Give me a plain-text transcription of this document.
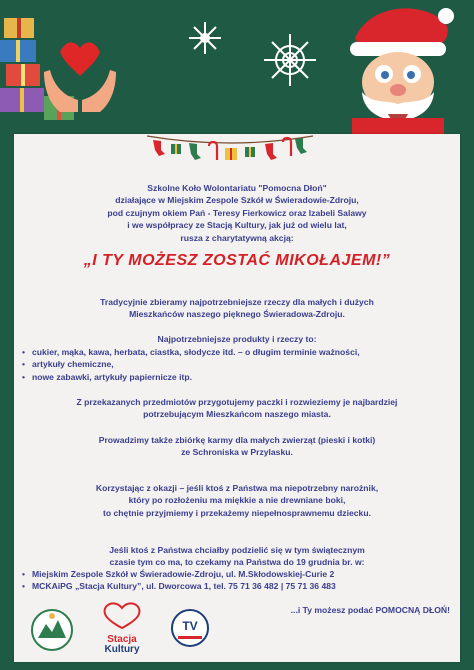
Szkolne Koło Wolontariatu "Pomocna Dłoń"
działające w Miejskim Zespole Szkół w Świeradowie-Zdroju,
pod czujnym okiem Pań - Teresy Fierkowicz oraz Izabeli Salawy
i we współpracy ze Stacją Kultury, jak już od wielu lat,
rusza z charytatywną akcją:
„I TY MOŻESZ ZOSTAĆ MIKOŁAJEM!”
Tradycyjnie zbieramy najpotrzebniejsze rzeczy dla małych i dużych
Mieszkańców naszego pięknego Świeradowa-Zdroju.
Najpotrzebniejsze produkty i rzeczy to:
• cukier, mąka, kawa, herbata, ciastka, słodycze itd. – o długim terminie ważności,
• artykuły chemiczne,
• nowe zabawki, artykuły papiernicze itp.
Z przekazanych przedmiotów przygotujemy paczki i rozwieziemy je najbardziej
potrzebującym Mieszkańcom naszego miasta.
Prowadzimy także zbiórkę karmy dla małych zwierząt (pieski i kotki)
ze Schroniska w Przylasku.
Korzystając z okazji – jeśli ktoś z Państwa ma niepotrzebny narożnik,
który po rozłożeniu ma miękkie a nie drewniane boki,
to chętnie przyjmiemy i przekażemy niepełnosprawnemu dziecku.
Jeśli ktoś z Państwa chciałby podzielić się w tym świątecznym
czasie tym co ma, to czekamy na Państwa do 19 grudnia br. w:
• Miejskim Zespole Szkół w Świeradowie-Zdroju, ul. M.Skłodowskiej-Curie 2
• MCKAiPG „Stacja Kultury”, ul. Dworcowa 1, tel. 75 71 36 482 | 75 71 36 483
Stacja
Kultury
TV
...i Ty możesz podać POMOCNĄ DŁOŃ!
